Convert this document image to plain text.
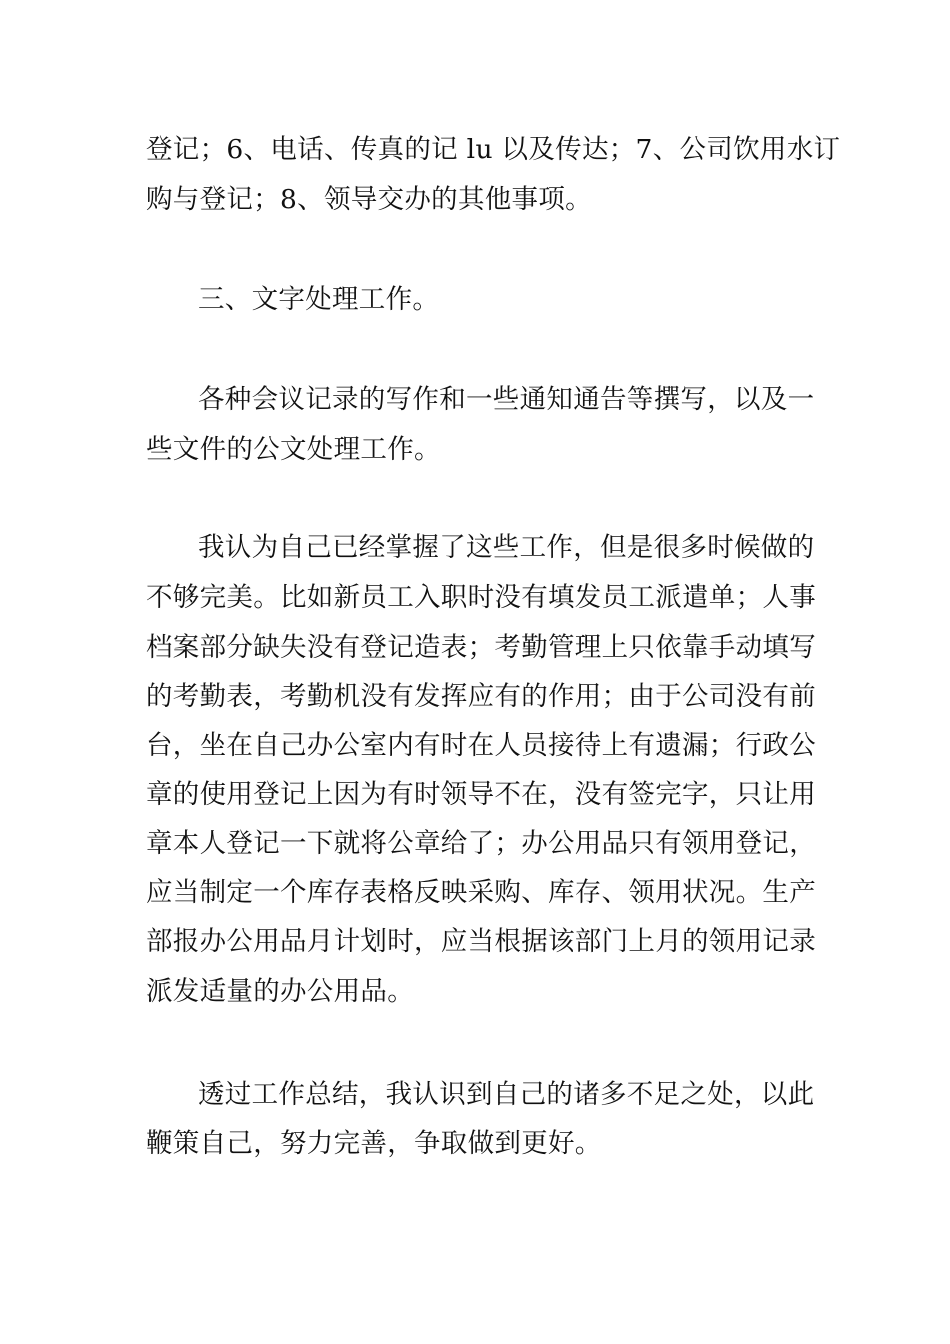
登记；6、电话、传真的记 lu 以及传达；7、公司饮用水订
购与登记；8、领导交办的其他事项。
三、文字处理工作。
各种会议记录的写作和一些通知通告等撰写，以及一
些文件的公文处理工作。
我认为自己已经掌握了这些工作，但是很多时候做的
不够完美。比如新员工入职时没有填发员工派遣单；人事
档案部分缺失没有登记造表；考勤管理上只依靠手动填写
的考勤表，考勤机没有发挥应有的作用；由于公司没有前
台，坐在自己办公室内有时在人员接待上有遗漏；行政公
章的使用登记上因为有时领导不在，没有签完字，只让用
章本人登记一下就将公章给了；办公用品只有领用登记，
应当制定一个库存表格反映采购、库存、领用状况。生产
部报办公用品月计划时，应当根据该部门上月的领用记录
派发适量的办公用品。
透过工作总结，我认识到自己的诸多不足之处，以此
鞭策自己，努力完善，争取做到更好。
